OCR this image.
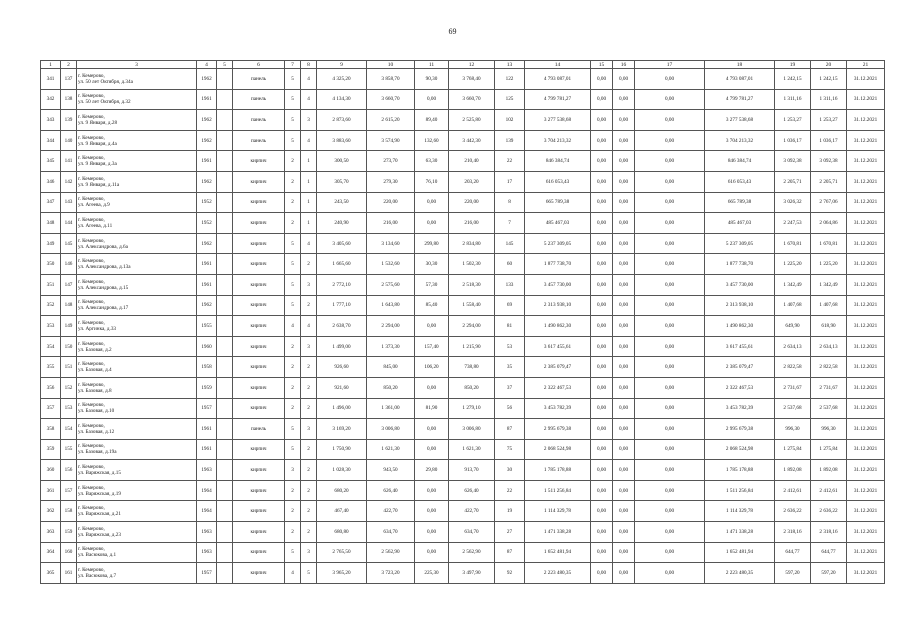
69
1	2	3	4	5	6	7	8	9	10	11	12	13	14	15	16	17	18	19	20	21
341	137	г. Кемерово,
ул. 50 лет Октября, д.34а	1962		панель	5	4	4 325,20	3 858,70	90,30	3 768,40	122	4 793 087,01	0,00	0,00	0,00	4 793 087,01	1 242,15	1 242,15	31.12.2021
342	138	г. Кемерово,
ул. 50 лет Октября, д.32	1961		панель	5	4	4 134,30	3 660,70	0,00	3 660,70	125	4 799 781,27	0,00	0,00	0,00	4 799 781,27	1 311,16	1 311,16	31.12.2021
343	139	г. Кемерово,
ул. 9 Января, д.28	1962		панель	5	3	2 873,60	2 615,20	89,40	2 525,80	102	3 277 538,68	0,00	0,00	0,00	3 277 538,68	1 253,27	1 253,27	31.12.2021
344	140	г. Кемерово,
ул. 9 Января, д.4а	1962		панель	5	4	3 883,60	3 574,90	132,60	3 442,30	139	3 704 213,32	0,00	0,00	0,00	3 704 213,32	1 036,17	1 036,17	31.12.2021
345	141	г. Кемерово,
ул. 9 Января, д.3а	1961		кирпич	2	1	300,50	273,70	63,30	210,40	22	846 384,74	0,00	0,00	0,00	846 384,74	3 092,38	3 092,38	31.12.2021
346	142	г. Кемерово,
ул. 9 Января, д.11а	1962		кирпич	2	1	305,70	279,30	76,10	203,20	17	616 053,43	0,00	0,00	0,00	616 053,43	2 205,71	2 205,71	31.12.2021
347	143	г. Кемерово,
ул. Агеева, д.9	1952		кирпич	2	1	243,50	220,00	0,00	220,00	8	665 789,38	0,00	0,00	0,00	665 789,38	3 026,32	2 767,06	31.12.2021
348	144	г. Кемерово,
ул. Агеева, д.11	1952		кирпич	2	1	240,90	216,00	0,00	216,00	7	485 467,03	0,00	0,00	0,00	485 467,03	2 247,53	2 064,86	31.12.2021
349	145	г. Кемерово,
ул. Александрова, д.6а	1962		кирпич	5	4	3 405,60	3 134,60	299,80	2 834,80	145	5 237 309,05	0,00	0,00	0,00	5 237 309,05	1 670,81	1 670,81	31.12.2021
350	146	г. Кемерово,
ул. Александрова, д.13а	1961		кирпич	5	2	1 665,60	1 532,60	30,30	1 502,30	60	1 877 738,70	0,00	0,00	0,00	1 877 738,70	1 225,20	1 225,20	31.12.2021
351	147	г. Кемерово,
ул. Александрова, д.15	1961		кирпич	5	3	2 772,10	2 575,60	57,30	2 518,30	133	3 457 730,00	0,00	0,00	0,00	3 457 730,00	1 342,49	1 342,49	31.12.2021
352	148	г. Кемерово,
ул. Александрова, д.17	1962		кирпич	5	2	1 777,10	1 643,80	85,40	1 558,40	69	2 313 938,10	0,00	0,00	0,00	2 313 938,10	1 407,68	1 407,68	31.12.2021
353	149	г. Кемерово,
ул. Аргинка, д.33	1955		кирпич	4	4	2 638,70	2 294,00	0,00	2 294,00	81	1 490 862,30	0,00	0,00	0,00	1 490 862,30	649,90	618,90	31.12.2021
354	150	г. Кемерово,
ул. Базовая, д.2	1960		кирпич	2	3	1 499,00	1 373,30	157,40	1 215,90	53	3 617 455,61	0,00	0,00	0,00	3 617 455,61	2 634,13	2 634,13	31.12.2021
355	151	г. Кемерово,
ул. Базовая, д.4	1958		кирпич	2	2	926,60	845,00	106,20	738,80	35	2 385 079,47	0,00	0,00	0,00	2 385 079,47	2 822,58	2 822,58	31.12.2021
356	152	г. Кемерово,
ул. Базовая, д.8	1959		кирпич	2	2	921,60	850,20	0,00	850,20	37	2 322 467,53	0,00	0,00	0,00	2 322 467,53	2 731,67	2 731,67	31.12.2021
357	153	г. Кемерово,
ул. Базовая, д.10	1957		кирпич	2	2	1 496,00	1 361,00	81,90	1 279,10	56	3 453 782,39	0,00	0,00	0,00	3 453 782,39	2 537,68	2 537,68	31.12.2021
358	154	г. Кемерово,
ул. Базовая, д.12	1961		панель	5	3	3 169,20	3 006,80	0,00	3 006,80	87	2 995 679,38	0,00	0,00	0,00	2 995 679,38	996,30	996,30	31.12.2021
359	155	г. Кемерово,
ул. Базовая, д.19а	1961		кирпич	5	2	1 750,90	1 621,30	0,00	1 621,30	75	2 068 524,98	0,00	0,00	0,00	2 068 524,98	1 275,84	1 275,84	31.12.2021
360	156	г. Кемерово,
ул. Варяжская, д.15	1963		кирпич	3	2	1 028,30	943,50	29,80	913,70	30	1 785 178,88	0,00	0,00	0,00	1 785 178,88	1 892,08	1 892,08	31.12.2021
361	157	г. Кемерово,
ул. Варяжская, д.19	1964		кирпич	2	2	680,20	626,40	0,00	626,40	22	1 511 256,84	0,00	0,00	0,00	1 511 256,84	2 412,61	2 412,61	31.12.2021
362	158	г. Кемерово,
ул. Варяжская, д.21	1964		кирпич	2	2	467,40	422,70	0,00	422,70	19	1 114 329,78	0,00	0,00	0,00	1 114 329,78	2 636,22	2 636,22	31.12.2021
363	159	г. Кемерово,
ул. Варяжская, д.23	1963		кирпич	2	2	680,80	634,70	0,00	634,70	27	1 471 338,28	0,00	0,00	0,00	1 471 338,28	2 318,16	2 318,16	31.12.2021
364	160	г. Кемерово,
ул. Васюкова, д.1	1963		кирпич	5	3	2 765,50	2 562,90	0,00	2 562,90	87	1 652 481,94	0,00	0,00	0,00	1 652 481,94	644,77	644,77	31.12.2021
365	161	г. Кемерово,
ул. Васюкова, д.7	1957		кирпич	4	5	3 965,20	3 723,20	225,30	3 497,90	92	2 223 480,35	0,00	0,00	0,00	2 223 480,35	597,20	597,20	31.12.2021
